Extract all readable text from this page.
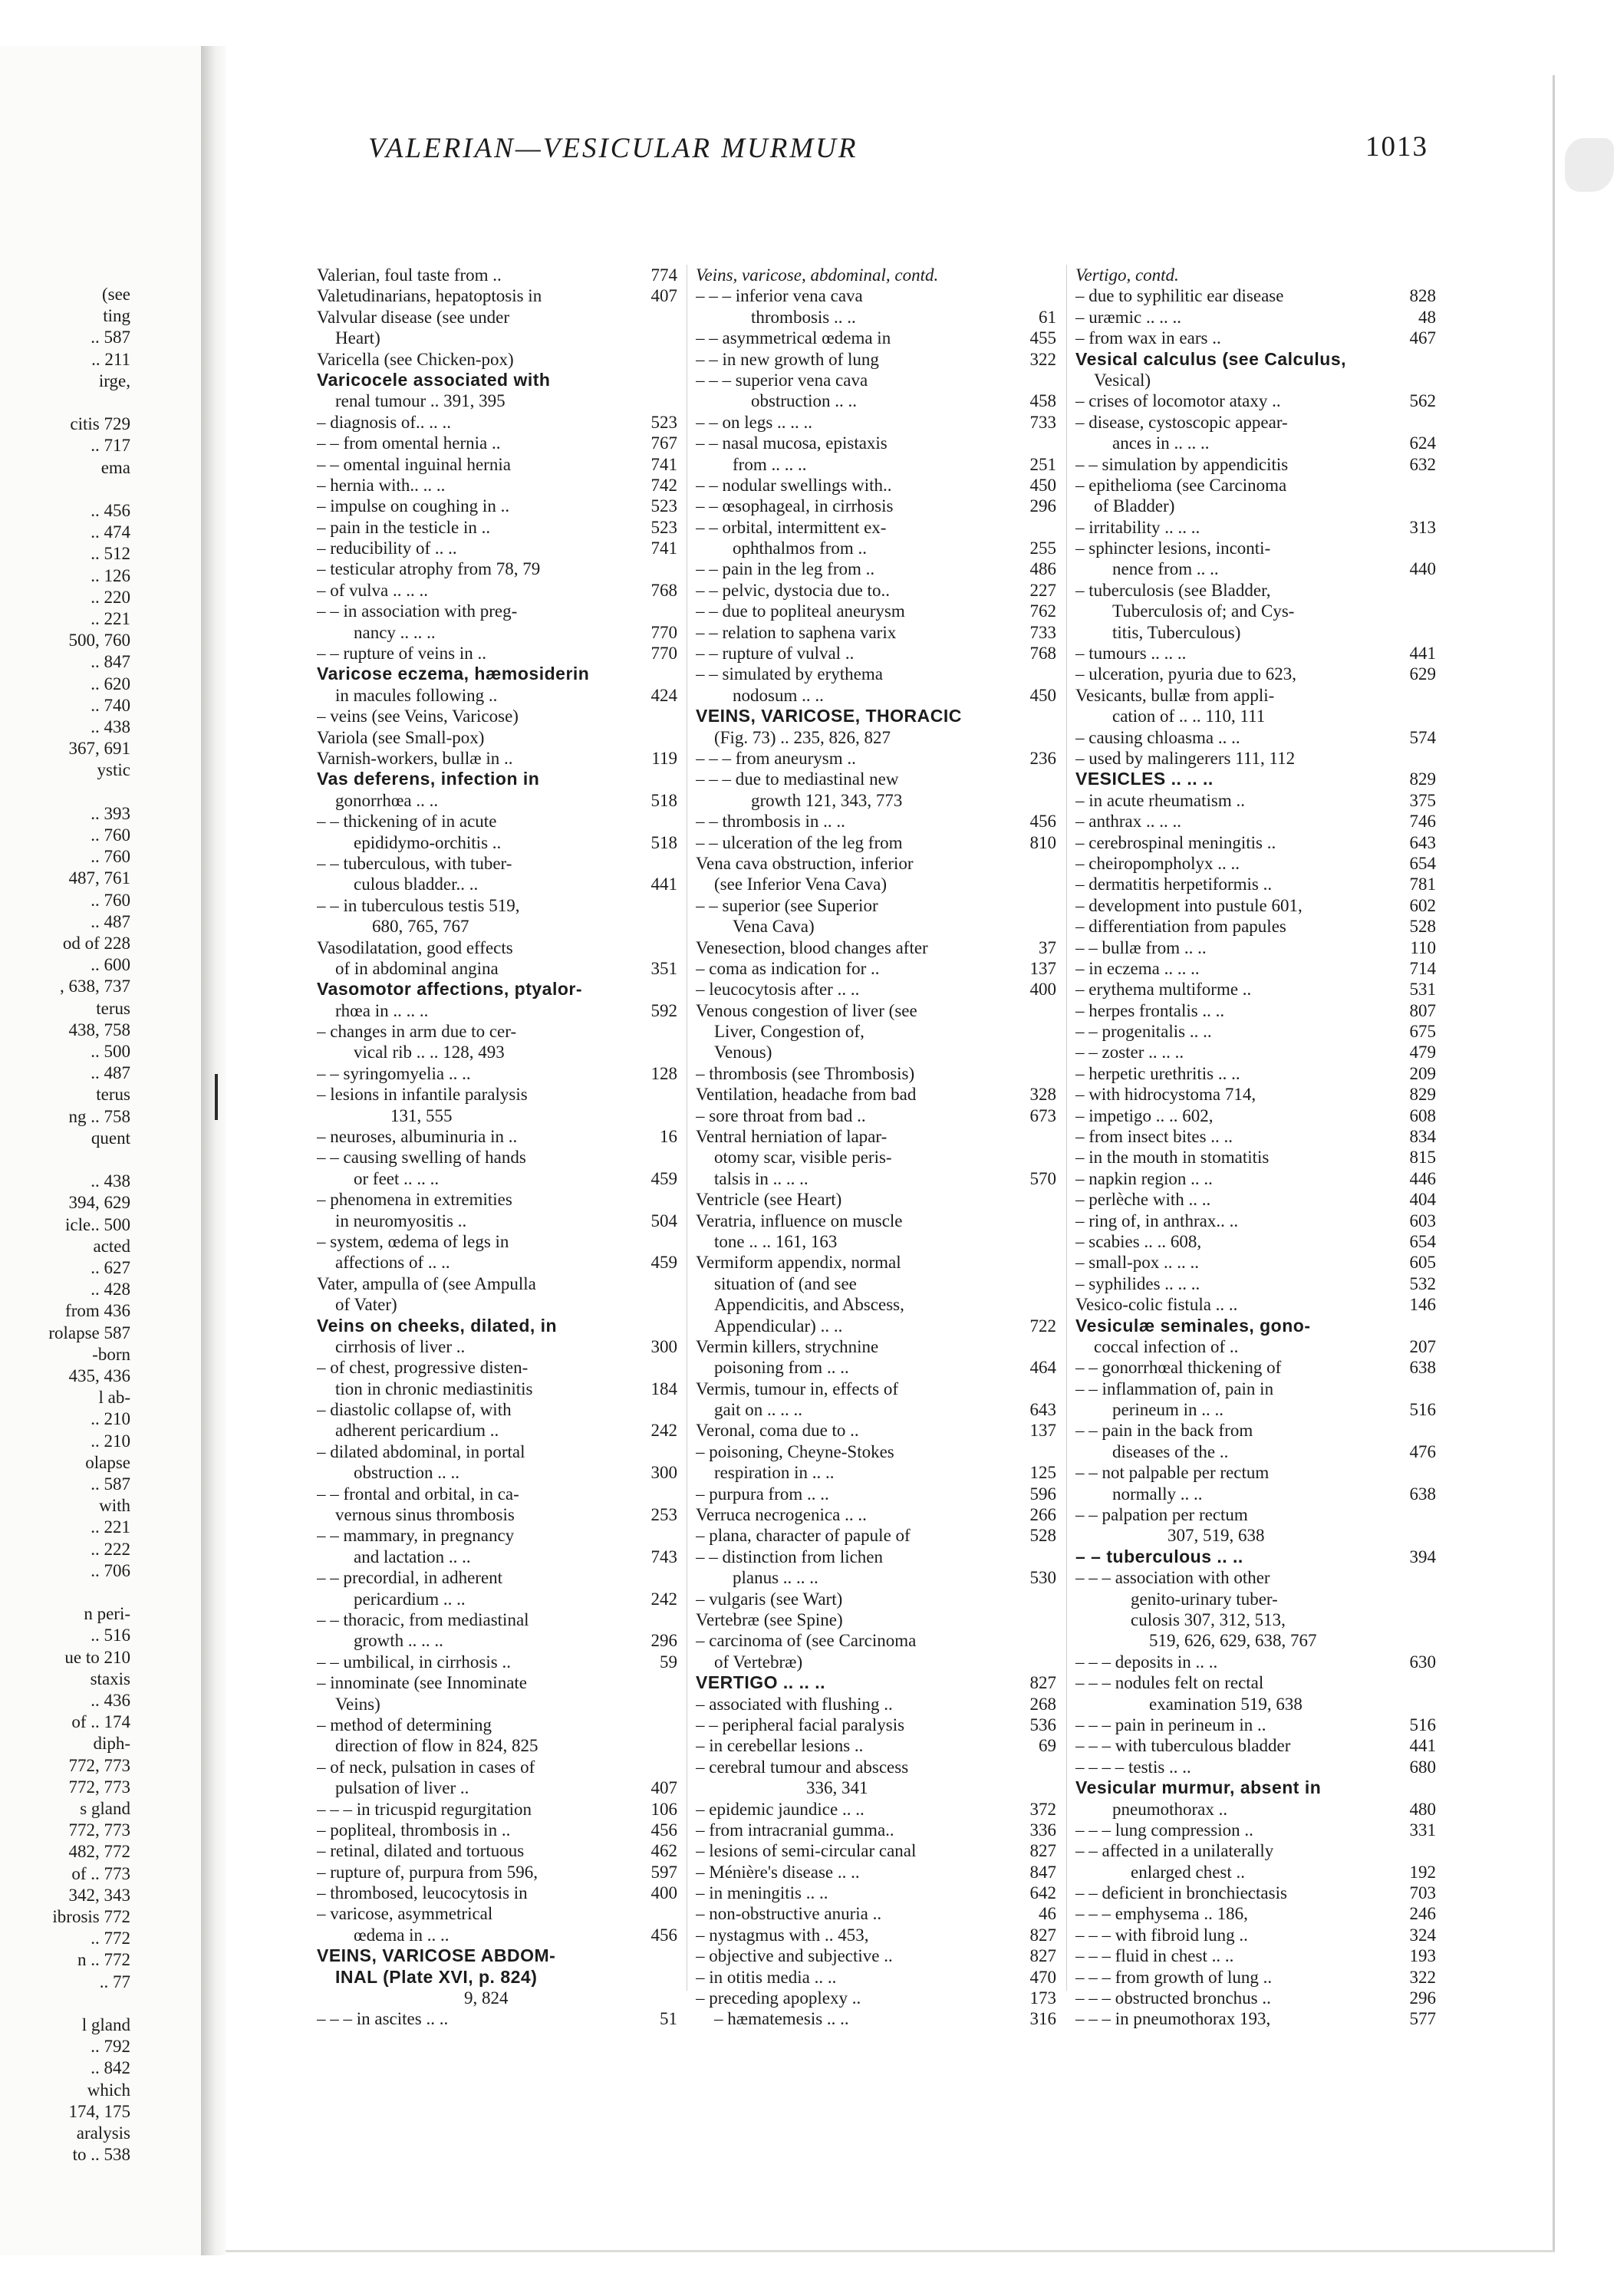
(see
ting
.. 587
.. 211
irge,
citis 729
.. 717
ema
.. 456
.. 474
.. 512
.. 126
.. 220
.. 221
500, 760
.. 847
.. 620
.. 740
.. 438
367, 691
ystic
.. 393
.. 760
.. 760
487, 761
.. 760
.. 487
od of 228
.. 600
, 638, 737
terus
438, 758
.. 500
.. 487
terus
ng .. 758
quent
.. 438
394, 629
icle.. 500
acted
.. 627
.. 428
from 436
rolapse 587
-born
435, 436
l ab-
.. 210
.. 210
olapse
.. 587
with
.. 221
.. 222
.. 706
n peri-
.. 516
ue to 210
staxis
.. 436
of .. 174
diph-
772, 773
772, 773
s gland
772, 773
482, 772
of .. 773
342, 343
ibrosis 772
.. 772
n .. 772
.. 77
l gland
.. 792
.. 842
which
174, 175
aralysis
to .. 538
VALERIAN—VESICULAR MURMUR	1013
Valerian, foul taste from ..	774
Valetudinarians, hepatoptosis in	407
Valvular disease (see under
Heart)
Varicella (see Chicken-pox)
Varicocele associated with
renal tumour .. 391, 395
– diagnosis of.. .. ..	523
– – from omental hernia ..	767
– – omental inguinal hernia	741
– hernia with.. .. ..	742
– impulse on coughing in ..	523
– pain in the testicle in ..	523
– reducibility of .. ..	741
– testicular atrophy from 78, 79
– of vulva .. .. ..	768
– – in association with preg-
nancy .. .. ..	770
– – rupture of veins in ..	770
Varicose eczema, hæmosiderin
in macules following ..	424
– veins (see Veins, Varicose)
Variola (see Small-pox)
Varnish-workers, bullæ in ..	119
Vas deferens, infection in
gonorrhœa .. ..	518
– – thickening of in acute
epididymo-orchitis ..	518
– – tuberculous, with tuber-
culous bladder.. ..	441
– – in tuberculous testis 519,
680, 765, 767
Vasodilatation, good effects
of in abdominal angina	351
Vasomotor affections, ptyalor-
rhœa in .. .. ..	592
– changes in arm due to cer-
vical rib .. .. 128, 493
– – syringomyelia .. ..	128
– lesions in infantile paralysis
131, 555
– neuroses, albuminuria in ..	16
– – causing swelling of hands
or feet .. .. ..	459
– phenomena in extremities
in neuromyositis ..	504
– system, œdema of legs in
affections of .. ..	459
Vater, ampulla of (see Ampulla
of Vater)
Veins on cheeks, dilated, in
cirrhosis of liver ..	300
– of chest, progressive disten-
tion in chronic mediastinitis	184
– diastolic collapse of, with
adherent pericardium ..	242
– dilated abdominal, in portal
obstruction .. ..	300
– – frontal and orbital, in ca-
vernous sinus thrombosis	253
– – mammary, in pregnancy
and lactation .. ..	743
– – precordial, in adherent
pericardium .. ..	242
– – thoracic, from mediastinal
growth .. .. ..	296
– – umbilical, in cirrhosis ..	59
– innominate (see Innominate
Veins)
– method of determining
direction of flow in 824, 825
– of neck, pulsation in cases of
pulsation of liver ..	407
– – – in tricuspid regurgitation	106
– popliteal, thrombosis in ..	456
– retinal, dilated and tortuous	462
– rupture of, purpura from 596,	597
– thrombosed, leucocytosis in	400
– varicose, asymmetrical
œdema in .. ..	456
VEINS, VARICOSE ABDOM-
INAL (Plate XVI, p. 824)
9, 824
– – – in ascites .. ..	51
Veins, varicose, abdominal, contd.
– – – inferior vena cava
thrombosis .. ..	61
– – asymmetrical œdema in	455
– – in new growth of lung	322
– – – superior vena cava
obstruction .. ..	458
– – on legs .. .. ..	733
– – nasal mucosa, epistaxis
from .. .. ..	251
– – nodular swellings with..	450
– – œsophageal, in cirrhosis	296
– – orbital, intermittent ex-
ophthalmos from ..	255
– – pain in the leg from ..	486
– – pelvic, dystocia due to..	227
– – due to popliteal aneurysm	762
– – relation to saphena varix	733
– – rupture of vulval ..	768
– – simulated by erythema
nodosum .. ..	450
VEINS, VARICOSE, THORACIC
(Fig. 73) .. 235, 826, 827
– – – from aneurysm ..	236
– – – due to mediastinal new
growth 121, 343, 773
– – thrombosis in .. ..	456
– – ulceration of the leg from	810
Vena cava obstruction, inferior
(see Inferior Vena Cava)
– – superior (see Superior
Vena Cava)
Venesection, blood changes after	37
– coma as indication for ..	137
– leucocytosis after .. ..	400
Venous congestion of liver (see
Liver, Congestion of,
Venous)
– thrombosis (see Thrombosis)
Ventilation, headache from bad	328
– sore throat from bad ..	673
Ventral herniation of lapar-
otomy scar, visible peris-
talsis in .. .. ..	570
Ventricle (see Heart)
Veratria, influence on muscle
tone .. .. 161, 163
Vermiform appendix, normal
situation of (and see
Appendicitis, and Abscess,
Appendicular) .. ..	722
Vermin killers, strychnine
poisoning from .. ..	464
Vermis, tumour in, effects of
gait on .. .. ..	643
Veronal, coma due to ..	137
– poisoning, Cheyne-Stokes
respiration in .. ..	125
– purpura from .. ..	596
Verruca necrogenica .. ..	266
– plana, character of papule of	528
– – distinction from lichen
planus .. .. ..	530
– vulgaris (see Wart)
Vertebræ (see Spine)
– carcinoma of (see Carcinoma
of Vertebræ)
VERTIGO .. .. ..	827
– associated with flushing ..	268
– – peripheral facial paralysis	536
– in cerebellar lesions ..	69
– cerebral tumour and abscess
336, 341
– epidemic jaundice .. ..	372
– from intracranial gumma..	336
– lesions of semi-circular canal	827
– Ménière's disease .. ..	847
– in meningitis .. ..	642
– non-obstructive anuria ..	46
– nystagmus with .. 453,	827
– objective and subjective ..	827
– in otitis media .. ..	470
– preceding apoplexy ..	173
– hæmatemesis .. ..	316
Vertigo, contd.
– due to syphilitic ear disease	828
– uræmic .. .. ..	48
– from wax in ears ..	467
Vesical calculus (see Calculus,
Vesical)
– crises of locomotor ataxy ..	562
– disease, cystoscopic appear-
ances in .. .. ..	624
– – simulation by appendicitis	632
– epithelioma (see Carcinoma
of Bladder)
– irritability .. .. ..	313
– sphincter lesions, inconti-
nence from .. ..	440
– tuberculosis (see Bladder,
Tuberculosis of; and Cys-
titis, Tuberculous)
– tumours .. .. ..	441
– ulceration, pyuria due to 623,	629
Vesicants, bullæ from appli-
cation of .. .. 110, 111
– causing chloasma .. ..	574
– used by malingerers 111, 112
VESICLES .. .. ..	829
– in acute rheumatism ..	375
– anthrax .. .. ..	746
– cerebrospinal meningitis ..	643
– cheiropompholyx .. ..	654
– dermatitis herpetiformis ..	781
– development into pustule 601,	602
– differentiation from papules	528
– – bullæ from .. ..	110
– in eczema .. .. ..	714
– erythema multiforme ..	531
– herpes frontalis .. ..	807
– – progenitalis .. ..	675
– – zoster .. .. ..	479
– herpetic urethritis .. ..	209
– with hidrocystoma 714,	829
– impetigo .. .. 602,	608
– from insect bites .. ..	834
– in the mouth in stomatitis	815
– napkin region .. ..	446
– perlèche with .. ..	404
– ring of, in anthrax.. ..	603
– scabies .. .. 608,	654
– small-pox .. .. ..	605
– syphilides .. .. ..	532
Vesico-colic fistula .. ..	146
Vesiculæ seminales, gono-
coccal infection of ..	207
– – gonorrhœal thickening of	638
– – inflammation of, pain in
perineum in .. ..	516
– – pain in the back from
diseases of the ..	476
– – not palpable per rectum
normally .. ..	638
– – palpation per rectum
307, 519, 638
– – tuberculous .. ..	394
– – – association with other
genito-urinary tuber-
culosis 307, 312, 513,
519, 626, 629, 638, 767
– – – deposits in .. ..	630
– – – nodules felt on rectal
examination 519, 638
– – – pain in perineum in ..	516
– – – with tuberculous bladder	441
– – – – testis .. ..	680
Vesicular murmur, absent in
pneumothorax ..	480
– – – lung compression ..	331
– – affected in a unilaterally
enlarged chest ..	192
– – deficient in bronchiectasis	703
– – – emphysema .. 186,	246
– – – with fibroid lung ..	324
– – – fluid in chest .. ..	193
– – – from growth of lung ..	322
– – – obstructed bronchus ..	296
– – – in pneumothorax 193,	577
